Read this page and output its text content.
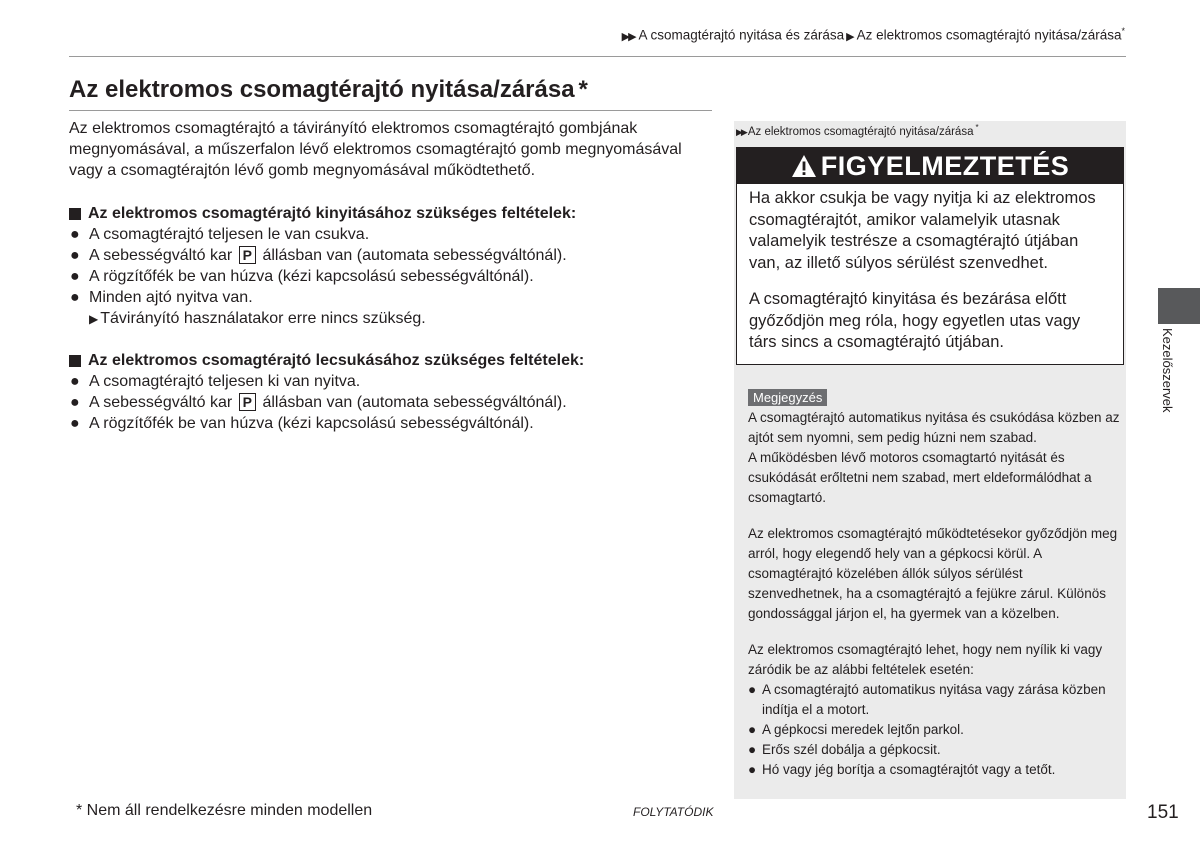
▶▶ A csomagtérajtó nyitása és zárása ▶ Az elektromos csomagtérajtó nyitása/zárása*
Az elektromos csomagtérajtó nyitása/zárása *

Az elektromos csomagtérajtó a távirányító elektromos csomagtérajtó gombjának megnyomásával, a műszerfalon lévő elektromos csomagtérajtó gomb megnyomásával vagy a csomagtérajtón lévő gomb megnyomásával működtethető.

Az elektromos csomagtérajtó kinyitásához szükséges feltételek:
● A csomagtérajtó teljesen le van csukva.
● A sebességváltó kar P állásban van (automata sebességváltónál).
● A rögzítőfék be van húzva (kézi kapcsolású sebességváltónál).
● Minden ajtó nyitva van.
▶ Távirányító használatakor erre nincs szükség.
Az elektromos csomagtérajtó lecsukásához szükséges feltételek:
● A csomagtérajtó teljesen ki van nyitva.
● A sebességváltó kar P állásban van (automata sebességváltónál).
● A rögzítőfék be van húzva (kézi kapcsolású sebességváltónál).
▶▶ Az elektromos csomagtérajtó nyitása/zárása *
FIGYELMEZTETÉS

Ha akkor csukja be vagy nyitja ki az elektromos csomagtérajtót, amikor valamelyik utasnak valamelyik testrésze a csomagtérajtó útjában van, az illető súlyos sérülést szenvedhet.

A csomagtérajtó kinyitása és bezárása előtt győződjön meg róla, hogy egyetlen utas vagy társ sincs a csomagtérajtó útjában.

Megjegyzés

A csomagtérajtó automatikus nyitása és csukódása közben az ajtót sem nyomni, sem pedig húzni nem szabad.

A működésben lévő motoros csomagtartó nyitását és csukódását erőltetni nem szabad, mert eldeformálódhat a csomagtartó.

Az elektromos csomagtérajtó működtetésekor győződjön meg arról, hogy elegendő hely van a gépkocsi körül. A csomagtérajtó közelében állók súlyos sérülést szenvedhetnek, ha a csomagtérajtó a fejükre zárul. Különös gondossággal járjon el, ha gyermek van a közelben.

Az elektromos csomagtérajtó lehet, hogy nem nyílik ki vagy záródik be az alábbi feltételek esetén:

● A csomagtérajtó automatikus nyitása vagy zárása közben indítja el a motort.
● A gépkocsi meredek lejtőn parkol.
● Erős szél dobálja a gépkocsit.
● Hó vagy jég borítja a csomagtérajtót vagy a tetőt.
Kezelőszervek
* Nem áll rendelkezésre minden modellen	FOLYTATÓDIK	151
